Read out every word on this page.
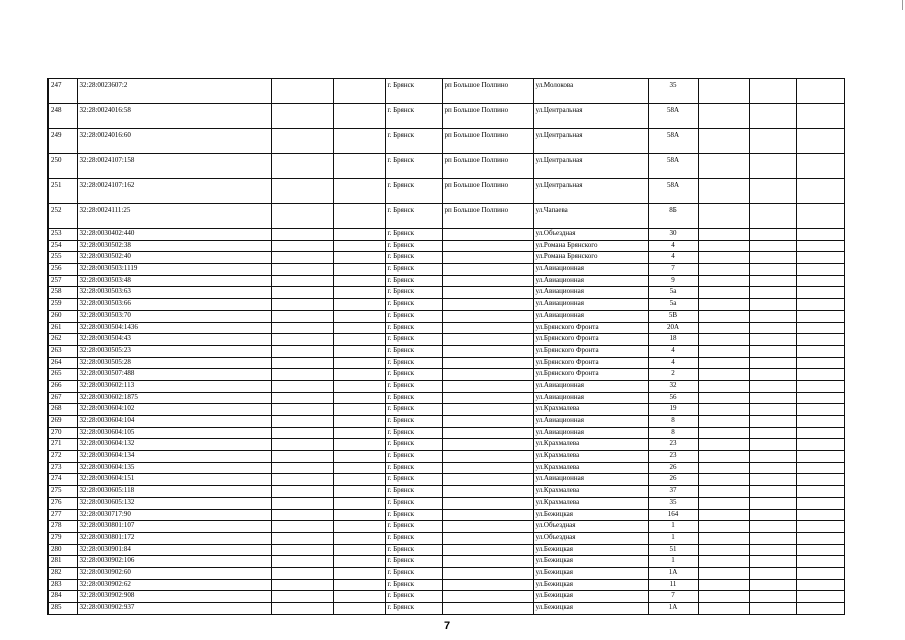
247	32:28:0023607:2			г. Брянск	рп Большое Полпино	ул.Молокова	35			
248	32:28:0024016:58			г. Брянск	рп Большое Полпино	ул.Центральная	58А			
249	32:28:0024016:60			г. Брянск	рп Большое Полпино	ул.Центральная	58А			
250	32:28:0024107:158			г. Брянск	рп Большое Полпино	ул.Центральная	58А			
251	32:28:0024107:162			г. Брянск	рп Большое Полпино	ул.Центральная	58А			
252	32:28:0024111:25			г. Брянск	рп Большое Полпино	ул.Чапаева	8Б			
253	32:28:0030402:440			г. Брянск		ул.Объездная	30			
254	32:28:0030502:38			г. Брянск		ул.Романа Брянского	4			
255	32:28:0030502:40			г. Брянск		ул.Романа Брянского	4			
256	32:28:0030503:1119			г. Брянск		ул.Авиационная	7			
257	32:28:0030503:48			г. Брянск		ул.Авиационная	9			
258	32:28:0030503:63			г. Брянск		ул.Авиационная	5а			
259	32:28:0030503:66			г. Брянск		ул.Авиационная	5а			
260	32:28:0030503:70			г. Брянск		ул.Авиационная	5В			
261	32:28:0030504:1436			г. Брянск		ул.Брянского Фронта	20А			
262	32:28:0030504:43			г. Брянск		ул.Брянского Фронта	18			
263	32:28:0030505:23			г. Брянск		ул.Брянского Фронта	4			
264	32:28:0030505:28			г. Брянск		ул.Брянского Фронта	4			
265	32:28:0030507:488			г. Брянск		ул.Брянского Фронта	2			
266	32:28:0030602:113			г. Брянск		ул.Авиационная	32			
267	32:28:0030602:1875			г. Брянск		ул.Авиационная	56			
268	32:28:0030604:102			г. Брянск		ул.Крахмалева	19			
269	32:28:0030604:104			г. Брянск		ул.Авиационная	8			
270	32:28:0030604:105			г. Брянск		ул.Авиационная	8			
271	32:28:0030604:132			г. Брянск		ул.Крахмалева	23			
272	32:28:0030604:134			г. Брянск		ул.Крахмалева	23			
273	32:28:0030604:135			г. Брянск		ул.Крахмалева	26			
274	32:28:0030604:151			г. Брянск		ул.Авиационная	26			
275	32:28:0030605:118			г. Брянск		ул.Крахмалева	37			
276	32:28:0030605:132			г. Брянск		ул.Крахмалева	35			
277	32:28:0030717:90			г. Брянск		ул.Бежицкая	164			
278	32:28:0030801:107			г. Брянск		ул.Объездная	1			
279	32:28:0030801:172			г. Брянск		ул.Объездная	1			
280	32:28:0030901:84			г. Брянск		ул.Бежицкая	51			
281	32:28:0030902:106			г. Брянск		ул.Бежицкая	1			
282	32:28:0030902:60			г. Брянск		ул.Бежицкая	1А			
283	32:28:0030902:62			г. Брянск		ул.Бежицкая	11			
284	32:28:0030902:908			г. Брянск		ул.Бежицкая	7			
285	32:28:0030902:937			г. Брянск		ул.Бежицкая	1А			
7
